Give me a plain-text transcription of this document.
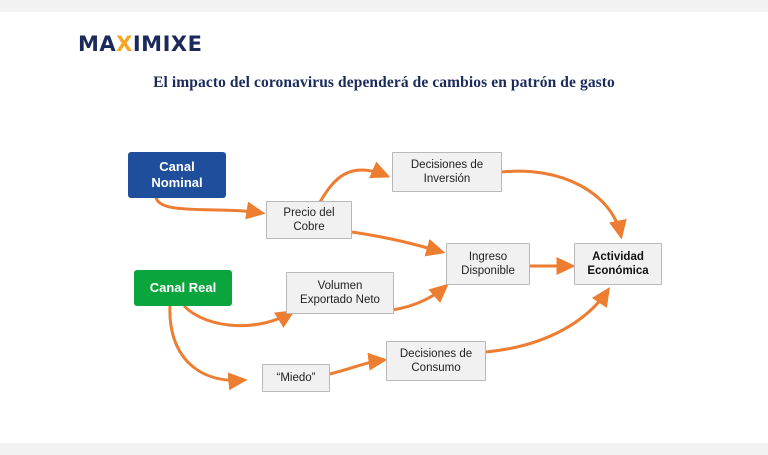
MAXIMIXE
El impacto del coronavirus dependerá de cambios en patrón de gasto
Canal
Nominal
Canal Real
Precio del
Cobre
Decisiones de
Inversión
Volumen
Exportado Neto
Ingreso
Disponible
“Miedo”
Decisiones de
Consumo
Actividad
Económica
